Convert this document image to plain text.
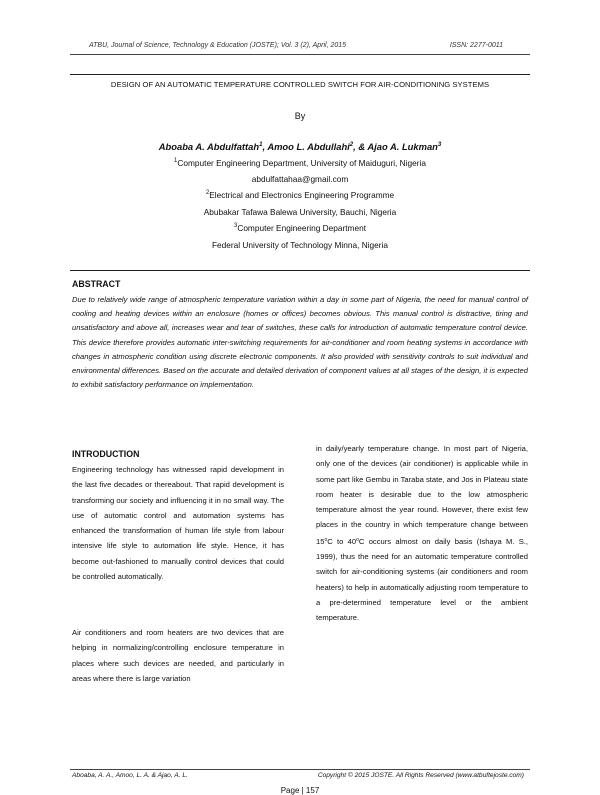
ATBU, Journal of Science, Technology & Education (JOSTE); Vol. 3 (2), April, 2015	ISSN: 2277-0011
DESIGN OF AN AUTOMATIC TEMPERATURE CONTROLLED SWITCH FOR AIR-CONDITIONING SYSTEMS
By
Aboaba A. Abdulfattah$^1$, Amoo L. Abdullahi$^2$, & Ajao A. Lukman$^3$
$^1$Computer Engineering Department, University of Maiduguri, Nigeria
abdulfattahaa@gmail.com
$^2$Electrical and Electronics Engineering Programme
Abubakar Tafawa Balewa University, Bauchi, Nigeria
$^3$Computer Engineering Department
Federal University of Technology Minna, Nigeria
ABSTRACT
Due to relatively wide range of atmospheric temperature variation within a day in some part of Nigeria, the need for manual control of cooling and heating devices within an enclosure (homes or offices) becomes obvious. This manual control is distractive, tiring and unsatisfactory and above all, increases wear and tear of switches, these calls for introduction of automatic temperature control device. This device therefore provides automatic inter-switching requirements for air-conditioner and room heating systems in accordance with changes in atmospheric condition using discrete electronic components. It also provided with sensitivity controls to suit individual and environmental differences. Based on the accurate and detailed derivation of component values at all stages of the design, it is expected to exhibit satisfactory performance on implementation.
INTRODUCTION
Engineering technology has witnessed rapid development in the last five decades or thereabout. That rapid development is transforming our society and influencing it in no small way. The use of automatic control and automation systems has enhanced the transformation of human life style from labour intensive life style to automation life style. Hence, it has become out-fashioned to manually control devices that could be controlled automatically.
Air conditioners and room heaters are two devices that are helping in normalizing/controlling enclosure temperature in places where such devices are needed, and particularly in areas where there is large variation
in daily/yearly temperature change. In most part of Nigeria, only one of the devices (air conditioner) is applicable while in some part like Gembu in Taraba state, and Jos in Plateau state room heater is desirable due to the low atmospheric temperature almost the year round. However, there exist few places in the country in which temperature change between 15$^o$C to 40$^o$C occurs almost on daily basis (Ishaya M. S., 1999), thus the need for an automatic temperature controlled switch for air-conditioning systems (air conditioners and room heaters) to help in automatically adjusting room temperature to a pre-determined temperature level or the ambient temperature.
Aboaba, A. A., Amoo, L. A. & Ajao, A. L.	Copyright © 2015 JOSTE. All Rights Reserved (www.atbuftejoste.com)
Page | 157
